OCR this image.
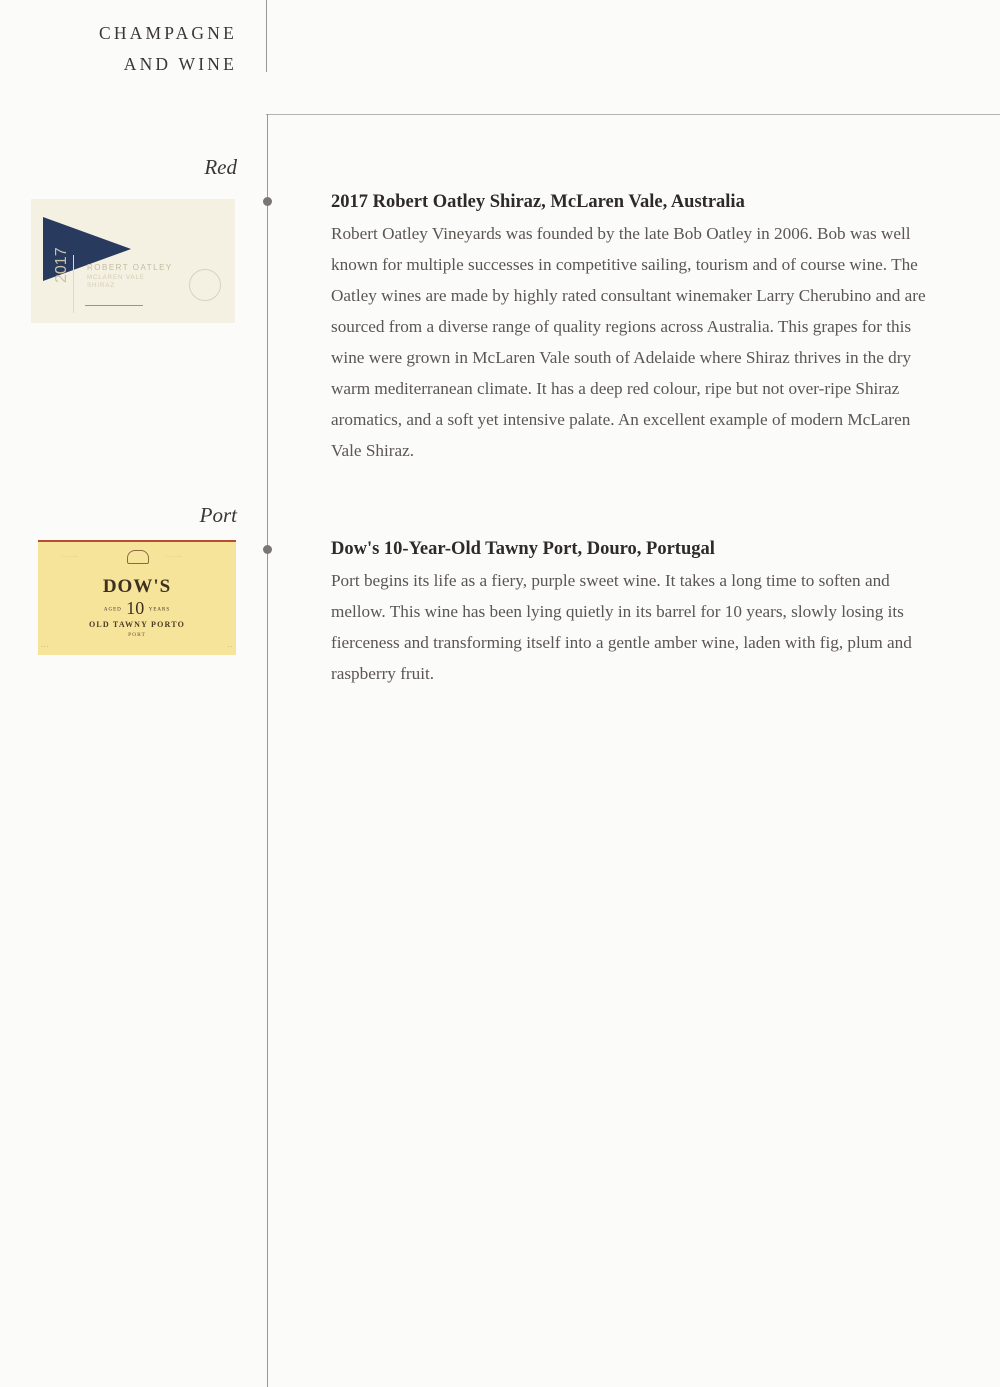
CHAMPAGNE
AND WINE
Red
2017 ROBERT OATLEY
MCLAREN VALE
SHIRAZ
2017 Robert Oatley Shiraz, McLaren Vale, Australia

Robert Oatley Vineyards was founded by the late Bob Oatley in 2006. Bob was well known for multiple successes in competitive sailing, tourism and of course wine. The Oatley wines are made by highly rated consultant winemaker Larry Cherubino and are sourced from a diverse range of quality regions across Australia. This grapes for this wine were grown in McLaren Vale south of Adelaide where Shiraz thrives in the dry warm mediterranean climate. It has a deep red colour, ripe but not over-ripe Shiraz aromatics, and a soft yet intensive palate. An excellent example of modern McLaren Vale Shiraz.

Port
· · · · · · ·	· · · · · · ·
DOW'S
AGED 10 YEARS
OLD TAWNY PORTO
PORT
· · ·	· ·
Dow's 10-Year-Old Tawny Port, Douro, Portugal

Port begins its life as a fiery, purple sweet wine. It takes a long time to soften and mellow. This wine has been lying quietly in its barrel for 10 years, slowly losing its fierceness and transforming itself into a gentle amber wine, laden with fig, plum and raspberry fruit.
